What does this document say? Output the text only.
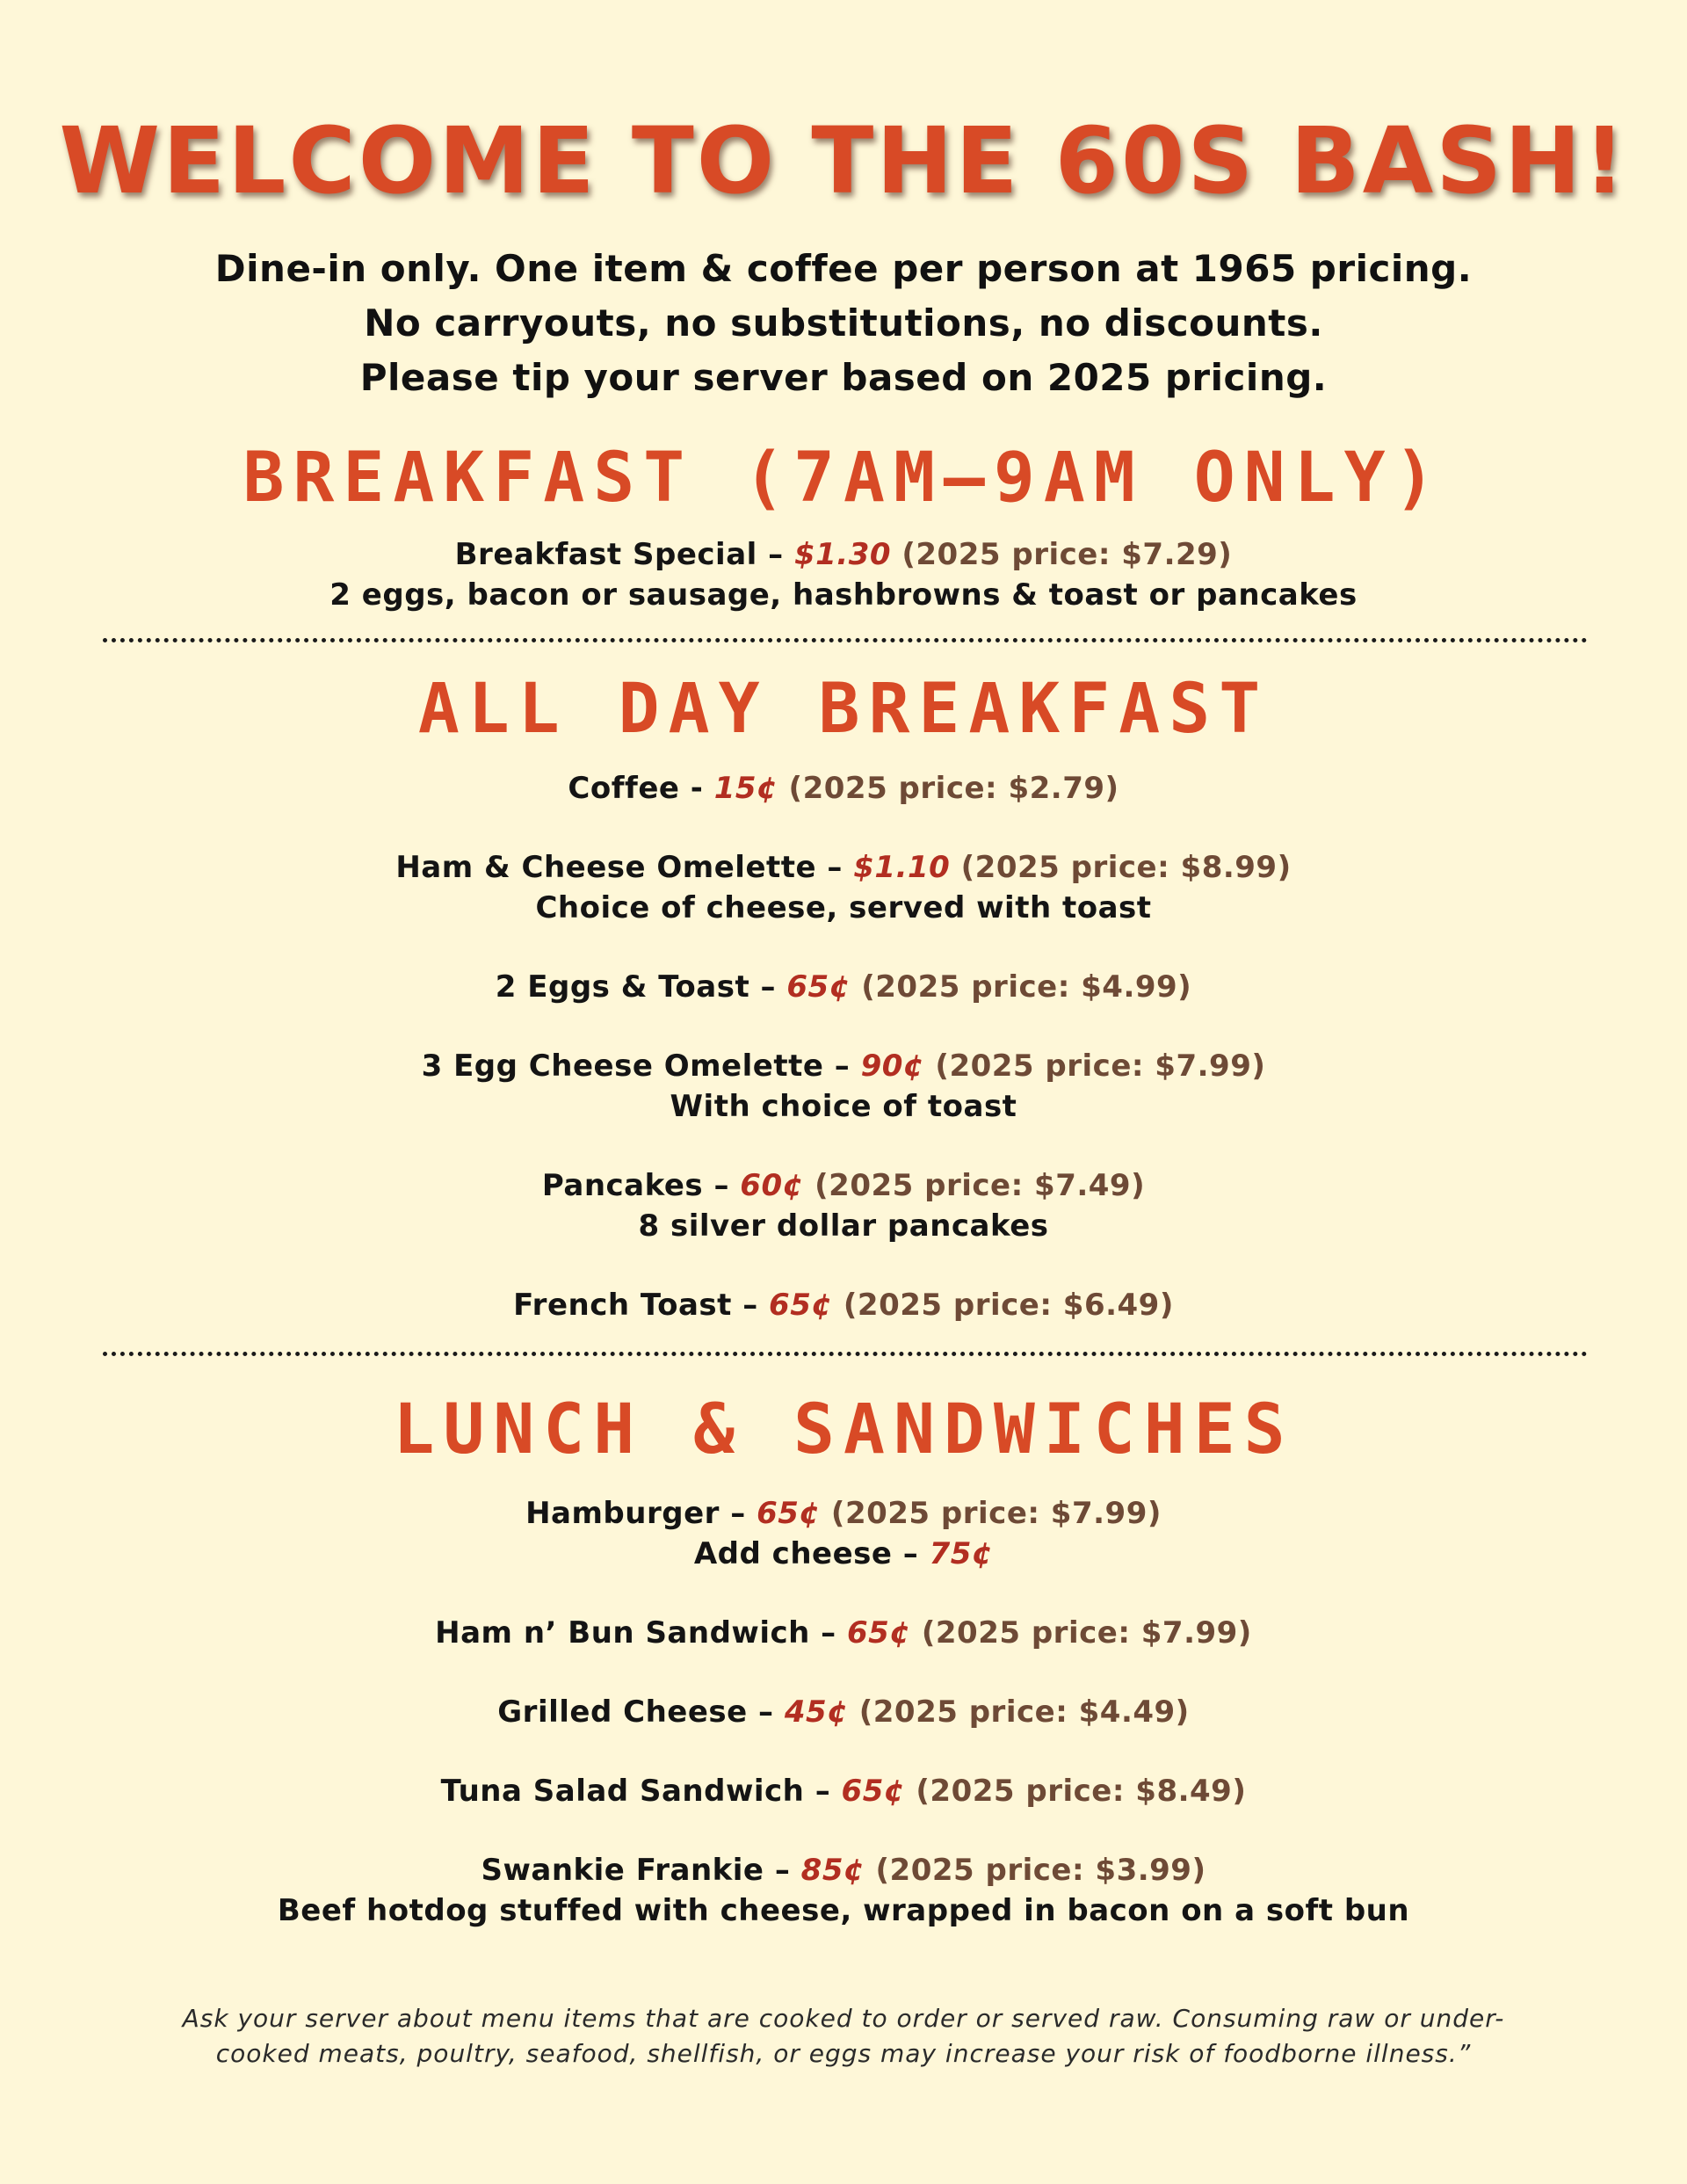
WELCOME TO THE 60S BASH!
Dine-in only. One item & coffee per person at 1965 pricing.
No carryouts, no substitutions, no discounts.
Please tip your server based on 2025 pricing.
BREAKFAST (7AM–9AM ONLY)
Breakfast Special – $1.30 (2025 price: $7.29)
2 eggs, bacon or sausage, hashbrowns & toast or pancakes
ALL DAY BREAKFAST
Coffee - 15¢ (2025 price: $2.79)
Ham & Cheese Omelette – $1.10 (2025 price: $8.99)
Choice of cheese, served with toast
2 Eggs & Toast – 65¢ (2025 price: $4.99)
3 Egg Cheese Omelette – 90¢ (2025 price: $7.99)
With choice of toast
Pancakes – 60¢ (2025 price: $7.49)
8 silver dollar pancakes
French Toast – 65¢ (2025 price: $6.49)
LUNCH & SANDWICHES
Hamburger – 65¢ (2025 price: $7.99)
Add cheese – 75¢
Ham n’ Bun Sandwich – 65¢ (2025 price: $7.99)
Grilled Cheese – 45¢ (2025 price: $4.49)
Tuna Salad Sandwich – 65¢ (2025 price: $8.49)
Swankie Frankie – 85¢ (2025 price: $3.99)
Beef hotdog stuffed with cheese, wrapped in bacon on a soft bun
Ask your server about menu items that are cooked to order or served raw. Consuming raw or under-
cooked meats, poultry, seafood, shellfish, or eggs may increase your risk of foodborne illness.”
